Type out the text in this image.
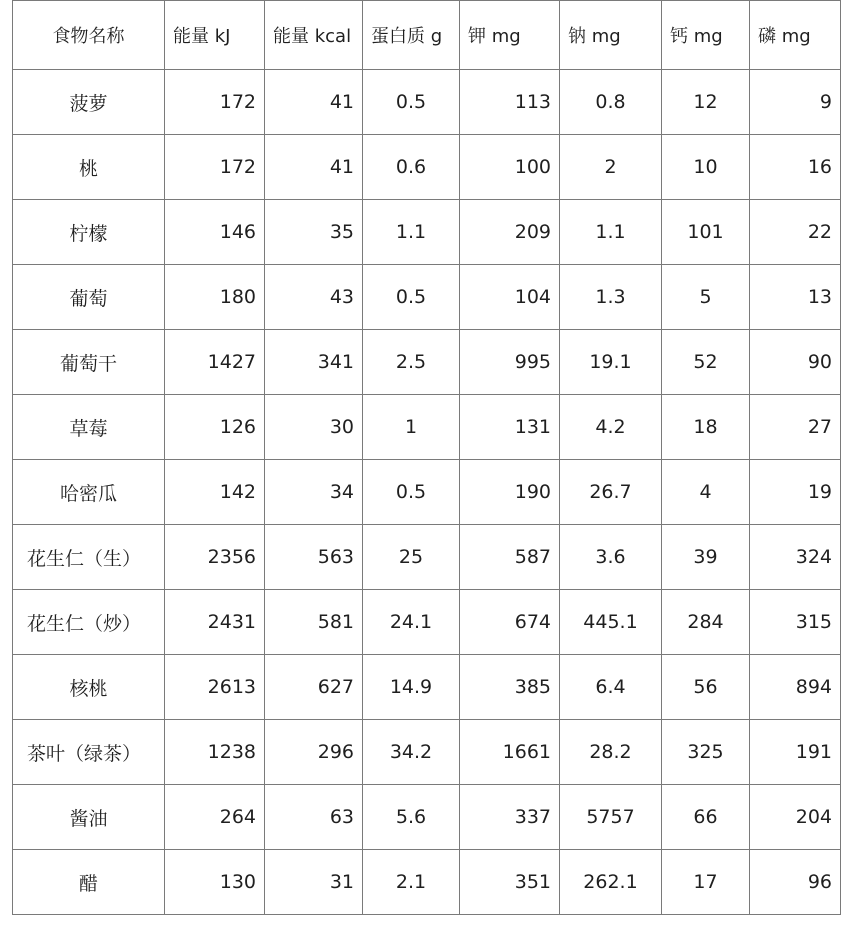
食物名称	能量 kJ	能量 kcal	蛋白质 g	钾 mg	钠 mg	钙 mg	磷 mg
菠萝	172	41	0.5	113	0.8	12	9
桃	172	41	0.6	100	2	10	16
柠檬	146	35	1.1	209	1.1	101	22
葡萄	180	43	0.5	104	1.3	5	13
葡萄干	1427	341	2.5	995	19.1	52	90
草莓	126	30	1	131	4.2	18	27
哈密瓜	142	34	0.5	190	26.7	4	19
花生仁（生）	2356	563	25	587	3.6	39	324
花生仁（炒）	2431	581	24.1	674	445.1	284	315
核桃	2613	627	14.9	385	6.4	56	894
茶叶（绿茶）	1238	296	34.2	1661	28.2	325	191
酱油	264	63	5.6	337	5757	66	204
醋	130	31	2.1	351	262.1	17	96
